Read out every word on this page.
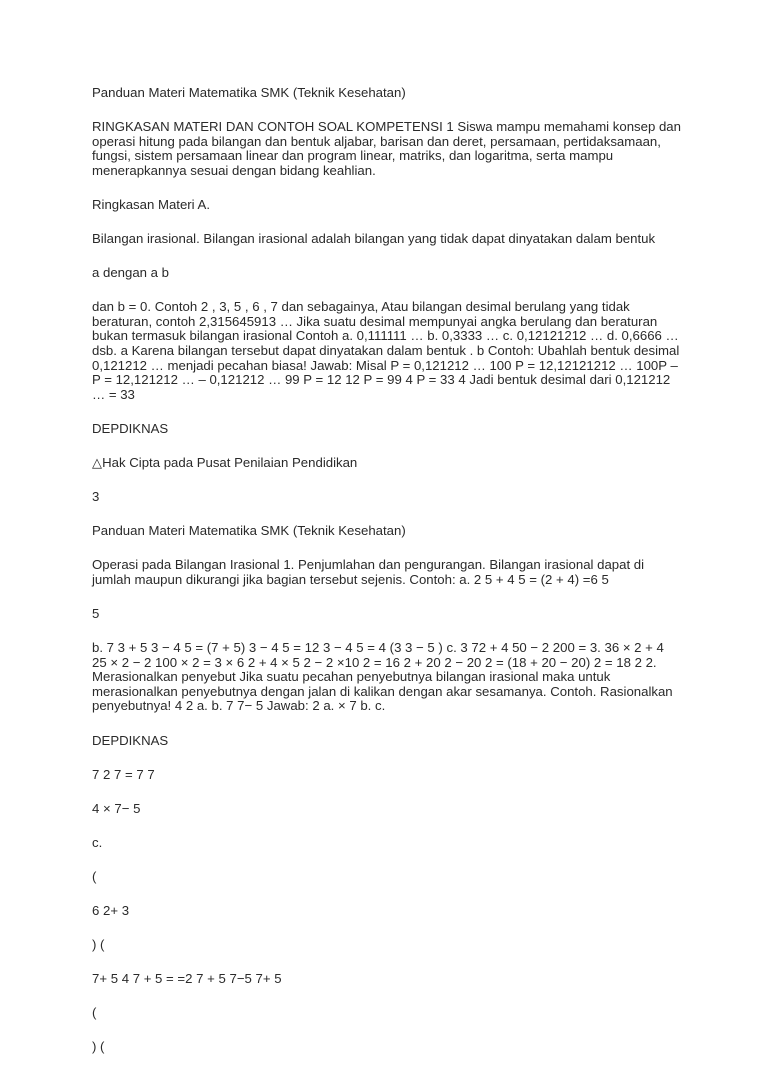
Panduan Materi Matematika SMK (Teknik Kesehatan)

RINGKASAN MATERI DAN CONTOH SOAL KOMPETENSI 1 Siswa mampu memahami konsep dan operasi hitung pada bilangan dan bentuk aljabar, barisan dan deret, persamaan, pertidaksamaan, fungsi, sistem persamaan linear dan program linear, matriks, dan logaritma, serta mampu menerapkannya sesuai dengan bidang keahlian.

Ringkasan Materi A.

Bilangan irasional. Bilangan irasional adalah bilangan yang tidak dapat dinyatakan dalam bentuk

a dengan a b

dan b = 0. Contoh 2 , 3, 5 , 6 , 7 dan sebagainya, Atau bilangan desimal berulang yang tidak beraturan, contoh 2,315645913 … Jika suatu desimal mempunyai angka berulang dan beraturan bukan termasuk bilangan irasional Contoh a. 0,111111 … b. 0,3333 … c. 0,12121212 … d. 0,6666 … dsb. a Karena bilangan tersebut dapat dinyatakan dalam bentuk . b Contoh: Ubahlah bentuk desimal 0,121212 … menjadi pecahan biasa! Jawab: Misal P = 0,121212 … 100 P = 12,12121212 … 100P – P = 12,121212 … – 0,121212 … 99 P = 12 12 P = 99 4 P = 33 4 Jadi bentuk desimal dari 0,121212 … = 33

DEPDIKNAS

△Hak Cipta pada Pusat Penilaian Pendidikan

3

Panduan Materi Matematika SMK (Teknik Kesehatan)

Operasi pada Bilangan Irasional 1. Penjumlahan dan pengurangan. Bilangan irasional dapat di jumlah maupun dikurangi jika bagian tersebut sejenis. Contoh: a. 2 5 + 4 5 = (2 + 4) =6 5

5

b. 7 3 + 5 3 − 4 5 = (7 + 5) 3 − 4 5 = 12 3 − 4 5 = 4 (3 3 − 5 ) c. 3 72 + 4 50 − 2 200 = 3. 36 × 2 + 4 25 × 2 − 2 100 × 2 = 3 × 6 2 + 4 × 5 2 − 2 ×10 2 = 16 2 + 20 2 − 20 2 = (18 + 20 − 20) 2 = 18 2 2. Merasionalkan penyebut Jika suatu pecahan penyebutnya bilangan irasional maka untuk merasionalkan penyebutnya dengan jalan di kalikan dengan akar sesamanya. Contoh. Rasionalkan penyebutnya! 4 2 a. b. 7 7− 5 Jawab: 2 a. × 7 b. c.

DEPDIKNAS

7 2 7 = 7 7

4 × 7− 5

c.

(

6 2+ 3

) (

7+ 5 4 7 + 5 = =2 7 + 5 7−5 7+ 5

(

) (
